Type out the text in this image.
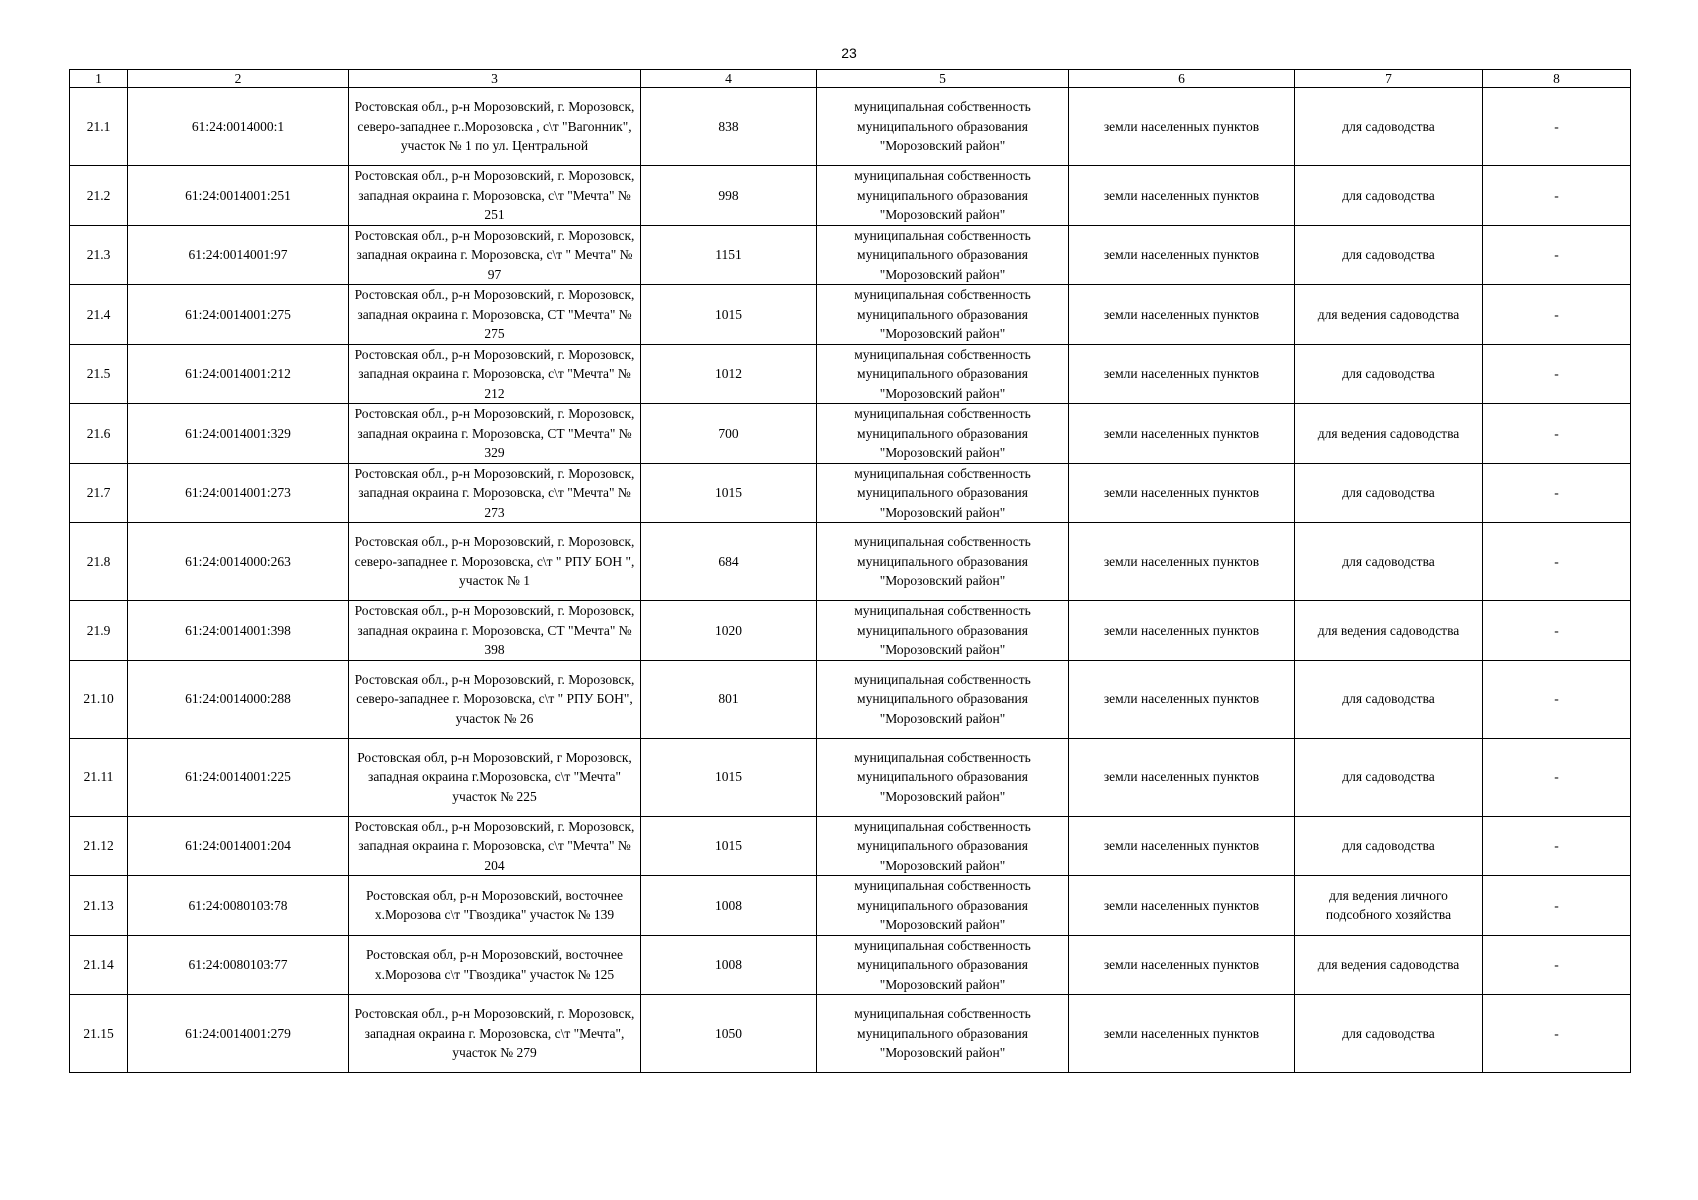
23
1	2	3	4	5	6	7	8
21.1	61:24:0014000:1	Ростовская обл., р-н Морозовский, г. Морозовск, северо-западнее г..Морозовска , с\т "Вагонник", участок № 1 по ул. Центральной	838	муниципальная собственность муниципального образования "Морозовский район"	земли населенных пунктов	для садоводства	-
21.2	61:24:0014001:251	Ростовская обл., р-н Морозовский, г. Морозовск, западная окраина г. Морозовска, с\т "Мечта" № 251	998	муниципальная собственность муниципального образования "Морозовский район"	земли населенных пунктов	для садоводства	-
21.3	61:24:0014001:97	Ростовская обл., р-н Морозовский, г. Морозовск, западная окраина г. Морозовска, с\т " Мечта" № 97	1151	муниципальная собственность муниципального образования "Морозовский район"	земли населенных пунктов	для садоводства	-
21.4	61:24:0014001:275	Ростовская обл., р-н Морозовский, г. Морозовск, западная окраина г. Морозовска, СТ "Мечта" № 275	1015	муниципальная собственность муниципального образования "Морозовский район"	земли населенных пунктов	для ведения садоводства	-
21.5	61:24:0014001:212	Ростовская обл., р-н Морозовский, г. Морозовск, западная окраина г. Морозовска, с\т "Мечта" № 212	1012	муниципальная собственность муниципального образования "Морозовский район"	земли населенных пунктов	для садоводства	-
21.6	61:24:0014001:329	Ростовская обл., р-н Морозовский, г. Морозовск, западная окраина г. Морозовска, СТ "Мечта" № 329	700	муниципальная собственность муниципального образования "Морозовский район"	земли населенных пунктов	для ведения садоводства	-
21.7	61:24:0014001:273	Ростовская обл., р-н Морозовский, г. Морозовск, западная окраина г. Морозовска, с\т "Мечта" № 273	1015	муниципальная собственность муниципального образования "Морозовский район"	земли населенных пунктов	для садоводства	-
21.8	61:24:0014000:263	Ростовская обл., р-н Морозовский, г. Морозовск, северо-западнее г. Морозовска, с\т " РПУ БОН ", участок № 1	684	муниципальная собственность муниципального образования "Морозовский район"	земли населенных пунктов	для садоводства	-
21.9	61:24:0014001:398	Ростовская обл., р-н Морозовский, г. Морозовск, западная окраина г. Морозовска, СТ "Мечта" № 398	1020	муниципальная собственность муниципального образования "Морозовский район"	земли населенных пунктов	для ведения садоводства	-
21.10	61:24:0014000:288	Ростовская обл., р-н Морозовский, г. Морозовск, северо-западнее г. Морозовска, с\т " РПУ БОН", участок № 26	801	муниципальная собственность муниципального образования "Морозовский район"	земли населенных пунктов	для садоводства	-
21.11	61:24:0014001:225	Ростовская обл, р-н Морозовский, г Морозовск, западная окраина г.Морозовска, с\т "Мечта" участок № 225	1015	муниципальная собственность муниципального образования "Морозовский район"	земли населенных пунктов	для садоводства	-
21.12	61:24:0014001:204	Ростовская обл., р-н Морозовский, г. Морозовск, западная окраина г. Морозовска, с\т "Мечта" № 204	1015	муниципальная собственность муниципального образования "Морозовский район"	земли населенных пунктов	для садоводства	-
21.13	61:24:0080103:78	Ростовская обл, р-н Морозовский, восточнее х.Морозова с\т "Гвоздика" участок № 139	1008	муниципальная собственность муниципального образования "Морозовский район"	земли населенных пунктов	для ведения личного подсобного хозяйства	-
21.14	61:24:0080103:77	Ростовская обл, р-н Морозовский, восточнее х.Морозова с\т "Гвоздика" участок № 125	1008	муниципальная собственность муниципального образования "Морозовский район"	земли населенных пунктов	для ведения садоводства	-
21.15	61:24:0014001:279	Ростовская обл., р-н Морозовский, г. Морозовск, западная окраина г. Морозовска, с\т "Мечта", участок № 279	1050	муниципальная собственность муниципального образования "Морозовский район"	земли населенных пунктов	для садоводства	-
